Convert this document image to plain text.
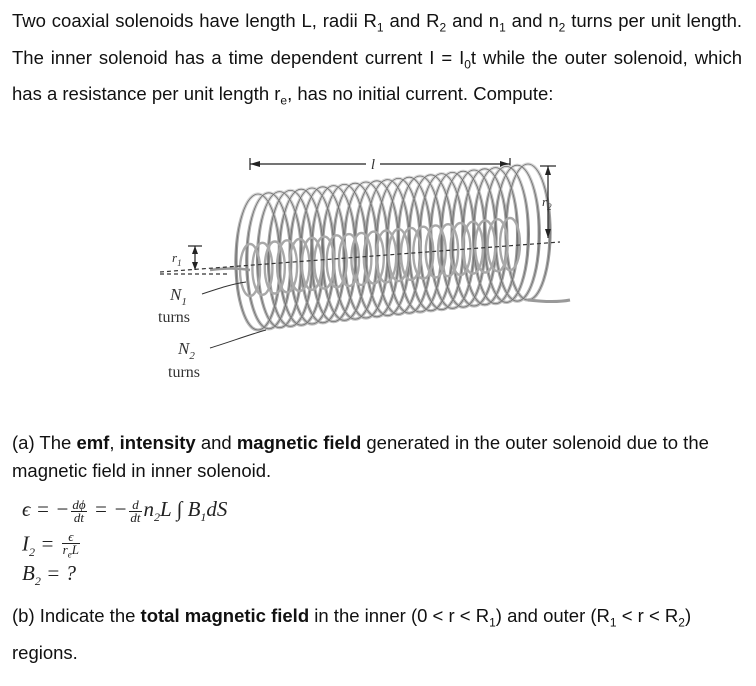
Two coaxial solenoids have length L, radii $R_1$ and $R_2$ and $n_1$ and $n_2$ turns per unit length. The inner solenoid has a time dependent current $I = I_0t$ while the outer solenoid, which has a resistance per unit length $r_e$, has no initial current. Compute:
l
$r_1$
$r_2$
$N_1$
turns
$N_2$
turns
(a) The emf, intensity and magnetic field generated in the outer solenoid due to the magnetic field in inner solenoid.
ϵ = − $\frac{d\phi}{dt}$ = − $\frac{d}{dt} n_2L$ ∫ $B_1dS$
$I_2 = \frac{\epsilon}{r_eL}$
$B_2$ = ?
(b) Indicate the total magnetic field in the inner $(0 < r < R_1)$ and outer $(R_1 < r < R_2)$ regions.
